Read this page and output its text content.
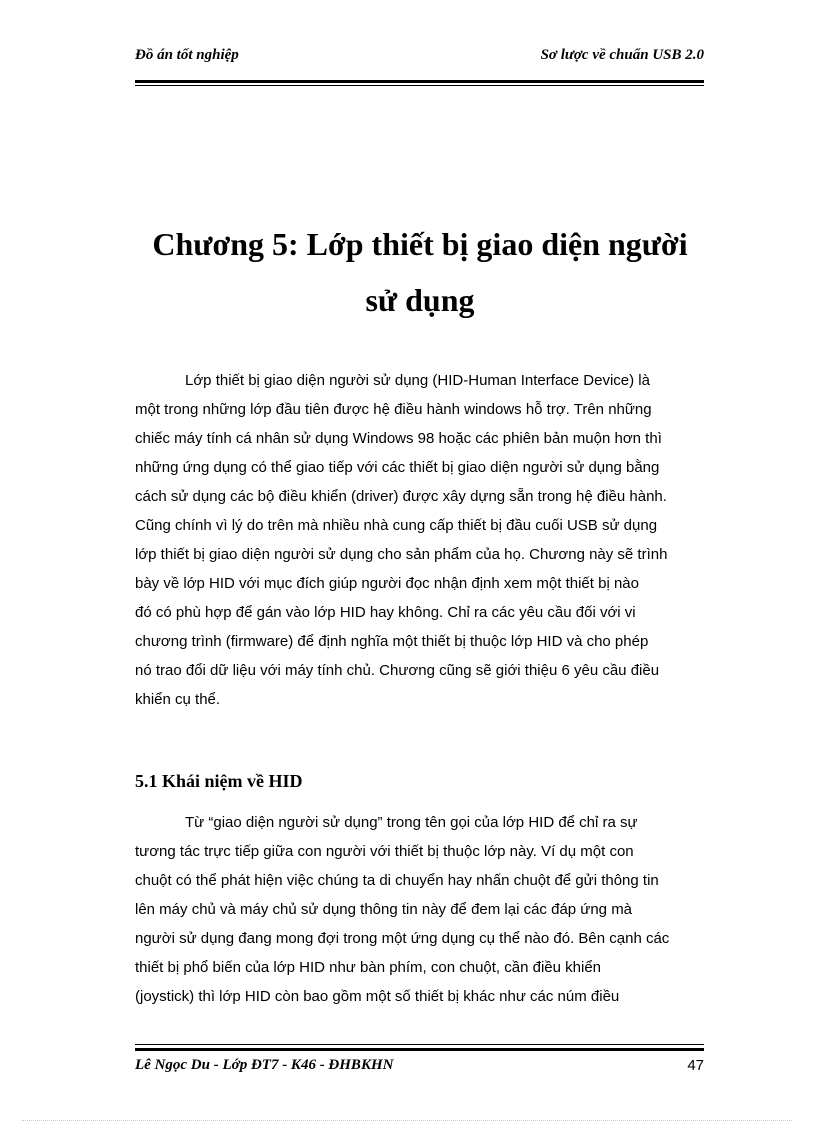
Đồ án tốt nghiệp	Sơ lược về chuẩn USB 2.0
Chương 5: Lớp thiết bị giao diện người
sử dụng
Lớp thiết bị giao diện người sử dụng (HID-Human Interface Device) là
một trong những lớp đầu tiên được hệ điều hành windows hỗ trợ. Trên những
chiếc máy tính cá nhân sử dụng Windows 98 hoặc các phiên bản muộn hơn thì
những ứng dụng có thể giao tiếp với các thiết bị giao diện người sử dụng bằng
cách sử dụng các bộ điều khiển (driver) được xây dựng sẵn trong hệ điều hành.
Cũng chính vì lý do trên mà nhiều nhà cung cấp thiết bị đầu cuối USB sử dụng
lớp thiết bị giao diện người sử dụng cho sản phẩm của họ. Chương này sẽ trình
bày về lớp HID với mục đích giúp người đọc nhận định xem một thiết bị nào
đó có phù hợp để gán vào lớp HID hay không. Chỉ ra các yêu cầu đối với vi
chương trình (firmware) để định nghĩa một thiết bị thuộc lớp HID và cho phép
nó trao đổi dữ liệu với máy tính chủ. Chương cũng sẽ giới thiệu 6 yêu cầu điều
khiển cụ thể.
5.1 Khái niệm về HID
Từ “giao diện người sử dụng” trong tên gọi của lớp HID để chỉ ra sự
tương tác trực tiếp giữa con người với thiết bị thuộc lớp này. Ví dụ một con
chuột có thể phát hiện việc chúng ta di chuyển hay nhấn chuột để gửi thông tin
lên máy chủ và máy chủ sử dụng thông tin này để đem lại các đáp ứng mà
người sử dụng đang mong đợi trong một ứng dụng cụ thể nào đó. Bên cạnh các
thiết bị phổ biến của lớp HID như bàn phím, con chuột, cần điều khiển
(joystick) thì lớp HID còn bao gồm một số thiết bị khác như các núm điều
Lê Ngọc Du - Lớp ĐT7 - K46 - ĐHBKHN	47
